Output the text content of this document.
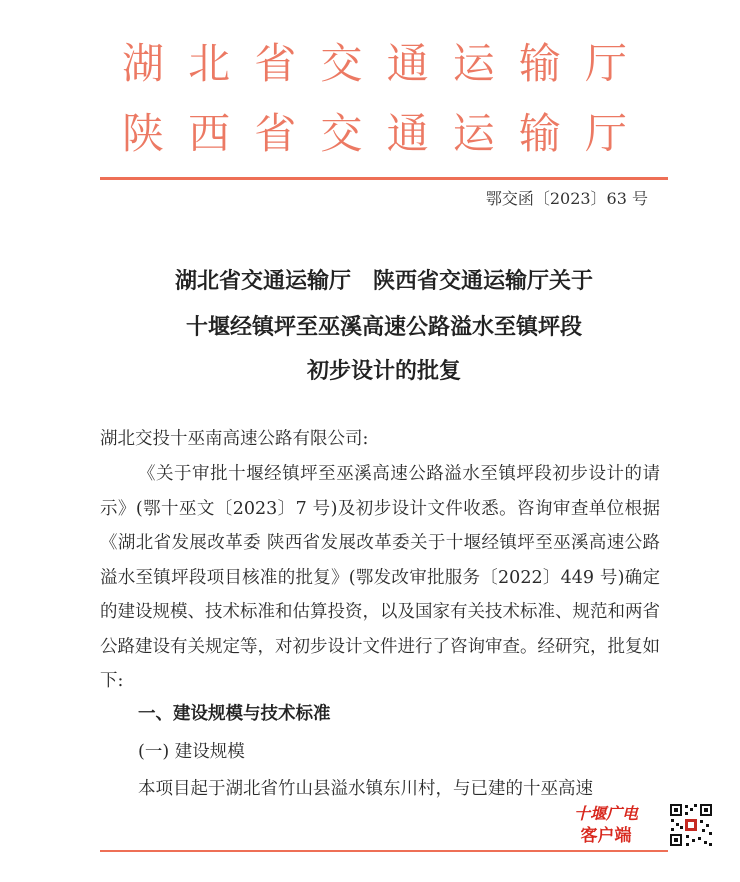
湖北省交通运输厅
陕西省交通运输厅
鄂交函〔2023〕63 号
湖北省交通运输厅　陕西省交通运输厅关于
十堰经镇坪至巫溪高速公路溢水至镇坪段
初步设计的批复
湖北交投十巫南高速公路有限公司:
《关于审批十堰经镇坪至巫溪高速公路溢水至镇坪段初步设计的请示》(鄂十巫文〔2023〕7 号)及初步设计文件收悉。咨询审查单位根据《湖北省发展改革委 陕西省发展改革委关于十堰经镇坪至巫溪高速公路溢水至镇坪段项目核准的批复》(鄂发改审批服务〔2022〕449 号)确定的建设规模、技术标准和估算投资，以及国家有关技术标准、规范和两省公路建设有关规定等，对初步设计文件进行了咨询审查。经研究，批复如下:
一、建设规模与技术标准
(一) 建设规模
本项目起于湖北省竹山县溢水镇东川村，与已建的十巫高速
十堰广电
客户端
